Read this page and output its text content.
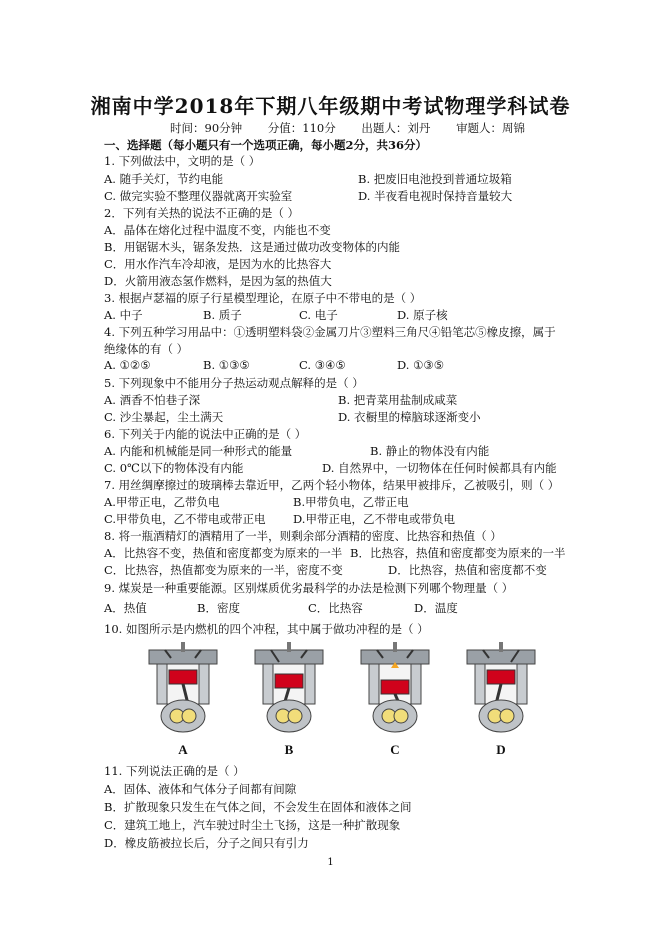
湘南中学2018年下期八年级期中考试物理学科试卷
时间：90分钟 分值：110分 出题人：刘丹 审题人：周锦
一、选择题（每小题只有一个选项正确，每小题2分，共36分）
1. 下列做法中，文明的是（ ）
A. 随手关灯，节约电能	B. 把废旧电池投到普通垃圾箱
C. 做完实验不整理仪器就离开实验室	D. 半夜看电视时保持音量较大
2．下列有关热的说法不正确的是（ ）
A．晶体在熔化过程中温度不变，内能也不变
B．用锯锯木头，锯条发热．这是通过做功改变物体的内能
C．用水作汽车冷却液，是因为水的比热容大
D．火箭用液态氢作燃料，是因为氢的热值大
3. 根据卢瑟福的原子行星模型理论，在原子中不带电的是（ ）
A. 中子	B. 质子	C. 电子	D. 原子核
4. 下列五种学习用品中：①透明塑料袋②金属刀片③塑料三角尺④铅笔芯⑤橡皮擦，属于
绝缘体的有（ ）
A. ①②⑤	B. ①③⑤	C. ③④⑤	D. ①③⑤
5. 下列现象中不能用分子热运动观点解释的是（ ）
A. 酒香不怕巷子深	B. 把青菜用盐制成咸菜
C. 沙尘暴起，尘土满天	D. 衣橱里的樟脑球逐渐变小
6. 下列关于内能的说法中正确的是（ ）
A. 内能和机械能是同一种形式的能量	B. 静止的物体没有内能
C. 0℃以下的物体没有内能	D. 自然界中，一切物体在任何时候都具有内能
7. 用丝绸摩擦过的玻璃棒去靠近甲，乙两个轻小物体，结果甲被排斥，乙被吸引，则（ ）
A.甲带正电，乙带负电	B.甲带负电，乙带正电
C.甲带负电，乙不带电或带正电 D.甲带正电，乙不带电或带负电
8. 将一瓶酒精灯的酒精用了一半，则剩余部分酒精的密度、比热容和热值（ ）
A．比热容不变，热值和密度都变为原来的一半 B．比热容，热值和密度都变为原来的一半
C．比热容，热值都变为原来的一半，密度不变	D．比热容，热值和密度都不变
9. 煤炭是一种重要能源。区别煤质优劣最科学的办法是检测下列哪个物理量（ ）
A．热值	B．密度	C．比热容	D．温度
10. 如图所示是内燃机的四个冲程，其中属于做功冲程的是（ ）
A	B	C	D
11. 下列说法正确的是（ ）
A．固体、液体和气体分子间都有间隙
B．扩散现象只发生在气体之间，不会发生在固体和液体之间
C．建筑工地上，汽车驶过时尘土飞扬，这是一种扩散现象
D．橡皮筋被拉长后，分子之间只有引力
1
